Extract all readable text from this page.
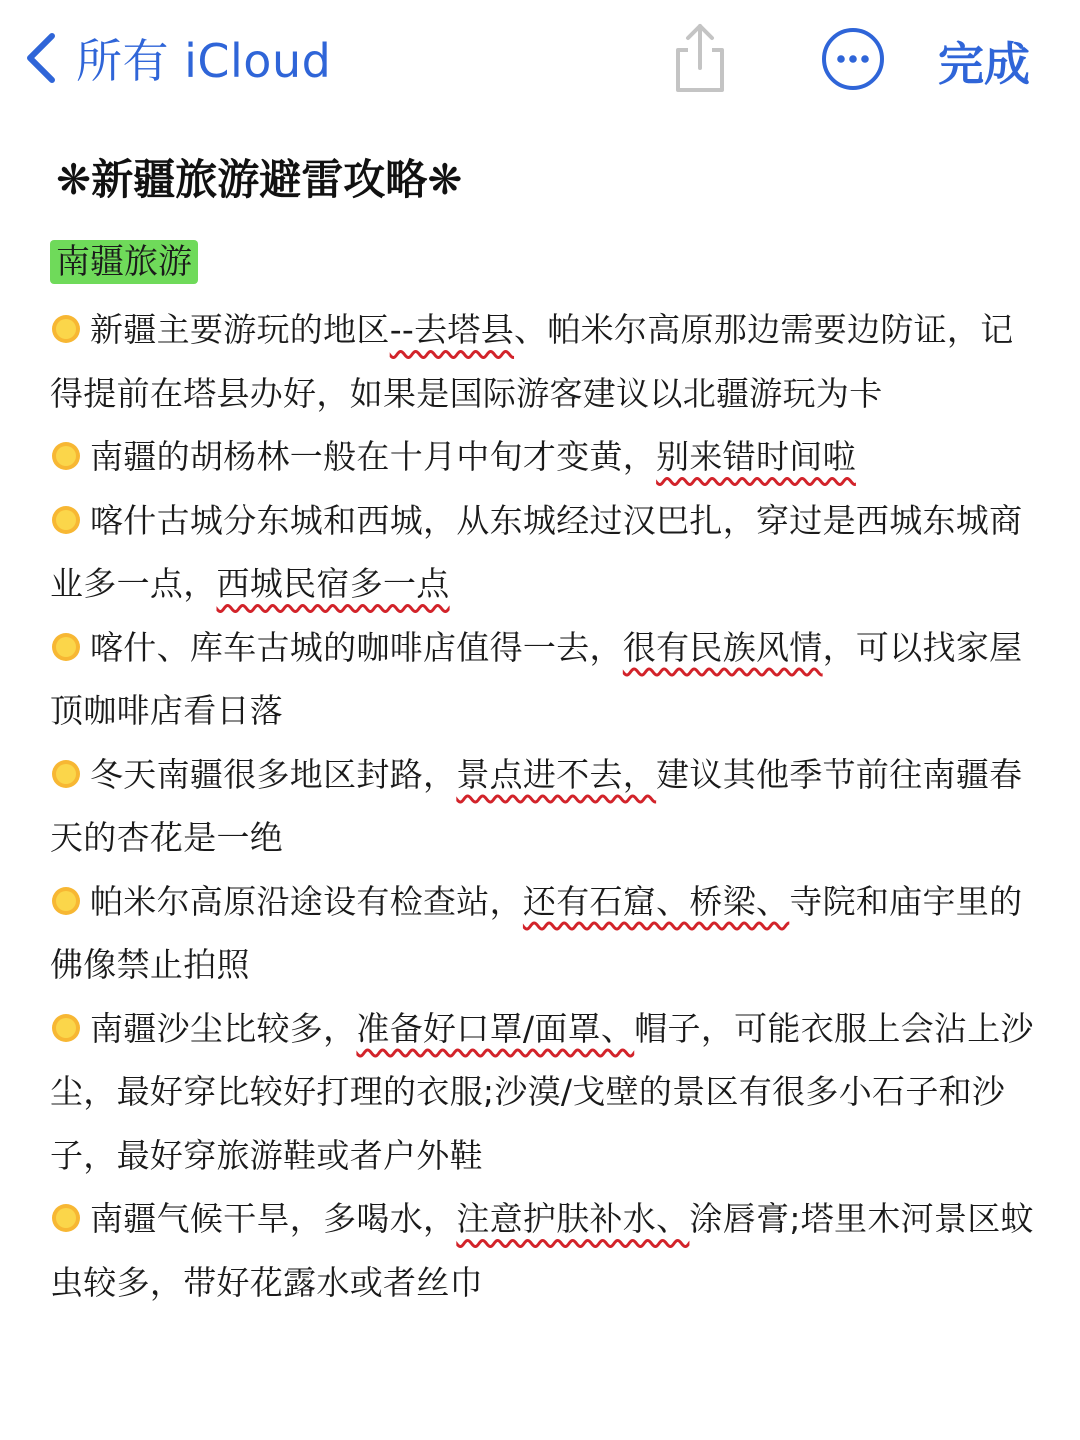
所有 iCloud	完成
❋新疆旅游避雷攻略❋
南疆旅游
新疆主要游玩的地区--去塔县、帕米尔高原那边需要边防证，记得提前在塔县办好，如果是国际游客建议以北疆游玩为卡
南疆的胡杨林一般在十月中旬才变黄，别来错时间啦
喀什古城分东城和西城，从东城经过汉巴扎，穿过是西城东城商业多一点，西城民宿多一点
喀什、库车古城的咖啡店值得一去，很有民族风情，可以找家屋顶咖啡店看日落
冬天南疆很多地区封路，景点进不去，建议其他季节前往南疆春天的杏花是一绝
帕米尔高原沿途设有检查站，还有石窟、桥梁、寺院和庙宇里的佛像禁止拍照
南疆沙尘比较多，准备好口罩/面罩、帽子，可能衣服上会沾上沙尘，最好穿比较好打理的衣服;沙漠/戈壁的景区有很多小石子和沙子，最好穿旅游鞋或者户外鞋
南疆气候干旱，多喝水，注意护肤补水、涂唇膏;塔里木河景区蚊虫较多，带好花露水或者丝巾
